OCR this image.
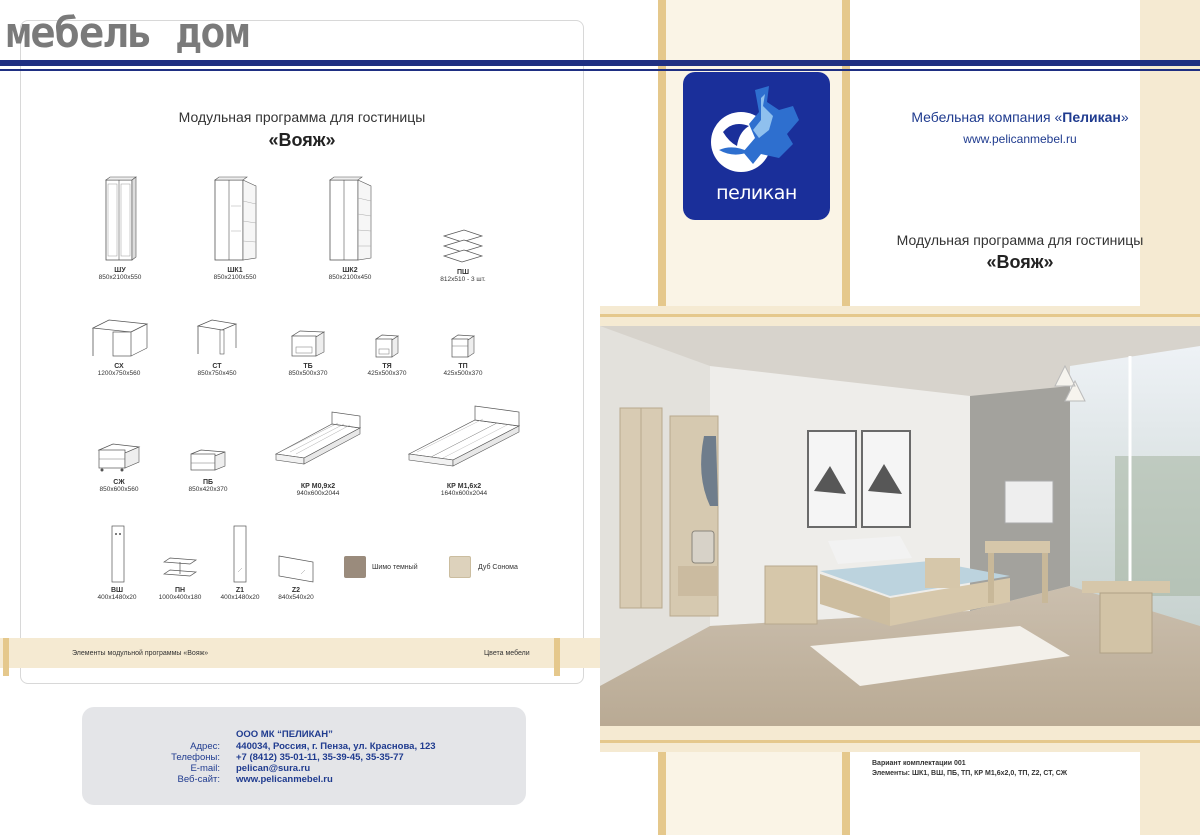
мебель дом
Модульная программа для гостиницы
«Вояж»
ШУ
850x2100x550
ШК1
850x2100x550
ШК2
850x2100x450
ПШ
812x510 - 3 шт.
СХ
1200x750x560
СТ
850x750x450
ТБ
850x500x370
ТЯ
425x500x370
ТП
425x500x370
СЖ
850x600x560
ПБ
850x420x370	КР М0,9x2
940x600x2044
КР М1,6x2
1640x600x2044
ВШ
400x1480x20
ПН
1000x400x180
Z1
400x1480x20
Z2
840x540x20
Шимо темный	Дуб Сонома
Элементы модульной программы «Вояж»	Цвета мебели
ООО МК “ПЕЛИКАН”
Адрес: 440034, Россия, г. Пенза, ул. Краснова, 123
Телефоны: +7 (8412) 35-01-11, 35-39-45, 35-35-77
E-mail: pelican@sura.ru
Веб-сайт: www.pelicanmebel.ru
пеликан
Мебельная компания «Пеликан»
www.pelicanmebel.ru
Модульная программа для гостиницы
«Вояж»
Вариант комплектации 001
Элементы: ШК1, ВШ, ПБ, ТП, КР М1,6x2,0, ТП, Z2, СТ, СЖ
